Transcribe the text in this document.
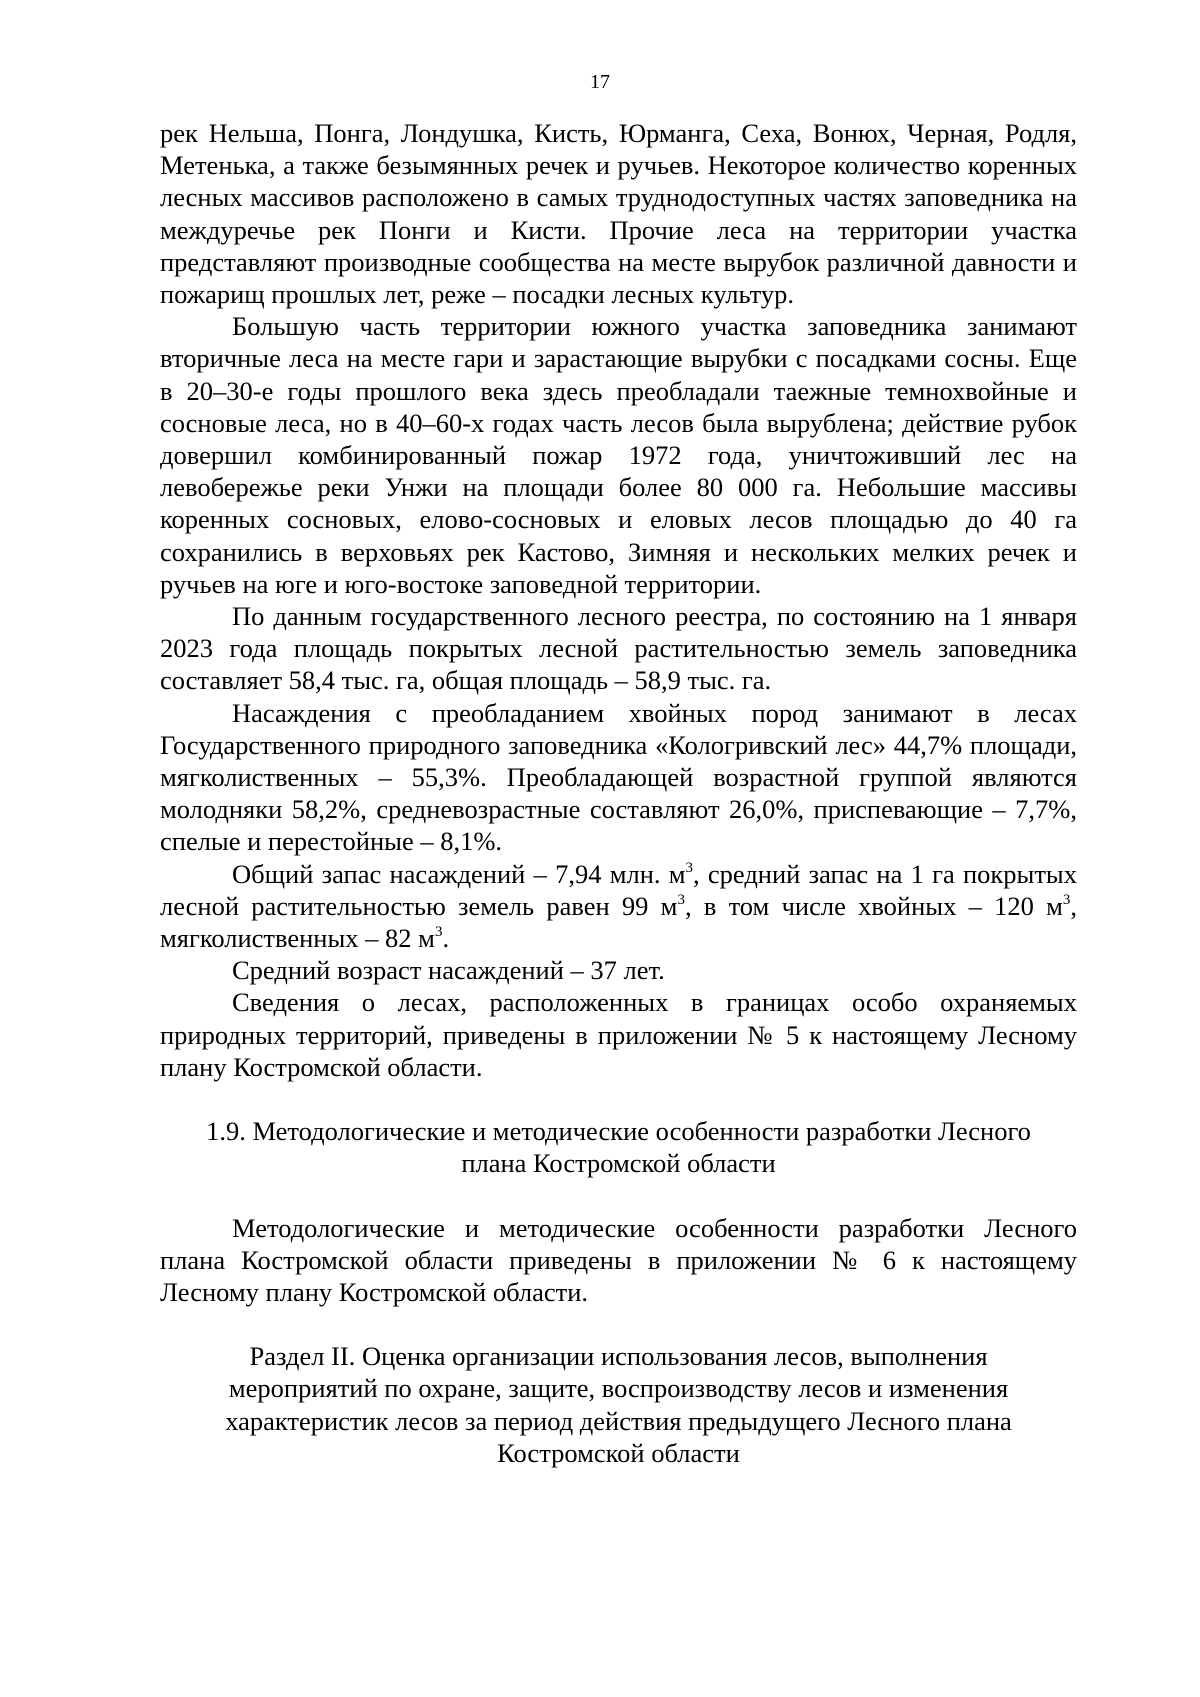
17

рек Нельша, Понга, Лондушка, Кисть, Юрманга, Сеха, Вонюх, Черная, Родля, Метенька, а также безымянных речек и ручьев. Некоторое количество коренных лесных массивов расположено в самых труднодоступных частях заповедника на междуречье рек Понги и Кисти. Прочие леса на территории участка представляют производные сообщества на месте вырубок различной давности и пожарищ прошлых лет, реже – посадки лесных культур.

Большую часть территории южного участка заповедника занимают вторичные леса на месте гари и зарастающие вырубки с посадками сосны. Еще в 20–30-е годы прошлого века здесь преобладали таежные темнохвойные и сосновые леса, но в 40–60-х годах часть лесов была вырублена; действие рубок довершил комбинированный пожар 1972 года, уничтоживший лес на левобережье реки Унжи на площади более 80 000 га. Небольшие массивы коренных сосновых, елово-сосновых и еловых лесов площадью до 40 га сохранились в верховьях рек Кастово, Зимняя и нескольких мелких речек и ручьев на юге и юго-востоке заповедной территории.

По данным государственного лесного реестра, по состоянию на 1 января 2023 года площадь покрытых лесной растительностью земель заповедника составляет 58,4 тыс. га, общая площадь – 58,9 тыс. га.

Насаждения с преобладанием хвойных пород занимают в лесах Государственного природного заповедника «Кологривский лес» 44,7% площади, мягколиственных – 55,3%. Преобладающей возрастной группой являются молодняки 58,2%, средневозрастные составляют 26,0%, приспевающие – 7,7%, спелые и перестойные – 8,1%.

Общий запас насаждений – 7,94 млн. $м^3$, средний запас на 1 га покрытых лесной растительностью земель равен 99 $м^3$, в том числе хвойных – 120 $м^3$, мягколиственных – 82 $м^3$.

Средний возраст насаждений – 37 лет.

Сведения о лесах, расположенных в границах особо охраняемых природных территорий, приведены в приложении № 5 к настоящему Лесному плану Костромской области.

1.9. Методологические и методические особенности разработки Лесного
плана Костромской области

Методологические и методические особенности разработки Лесного плана Костромской области приведены в приложении № 6 к настоящему Лесному плану Костромской области.

Раздел II. Оценка организации использования лесов, выполнения
мероприятий по охране, защите, воспроизводству лесов и изменения
характеристик лесов за период действия предыдущего Лесного плана
Костромской области
